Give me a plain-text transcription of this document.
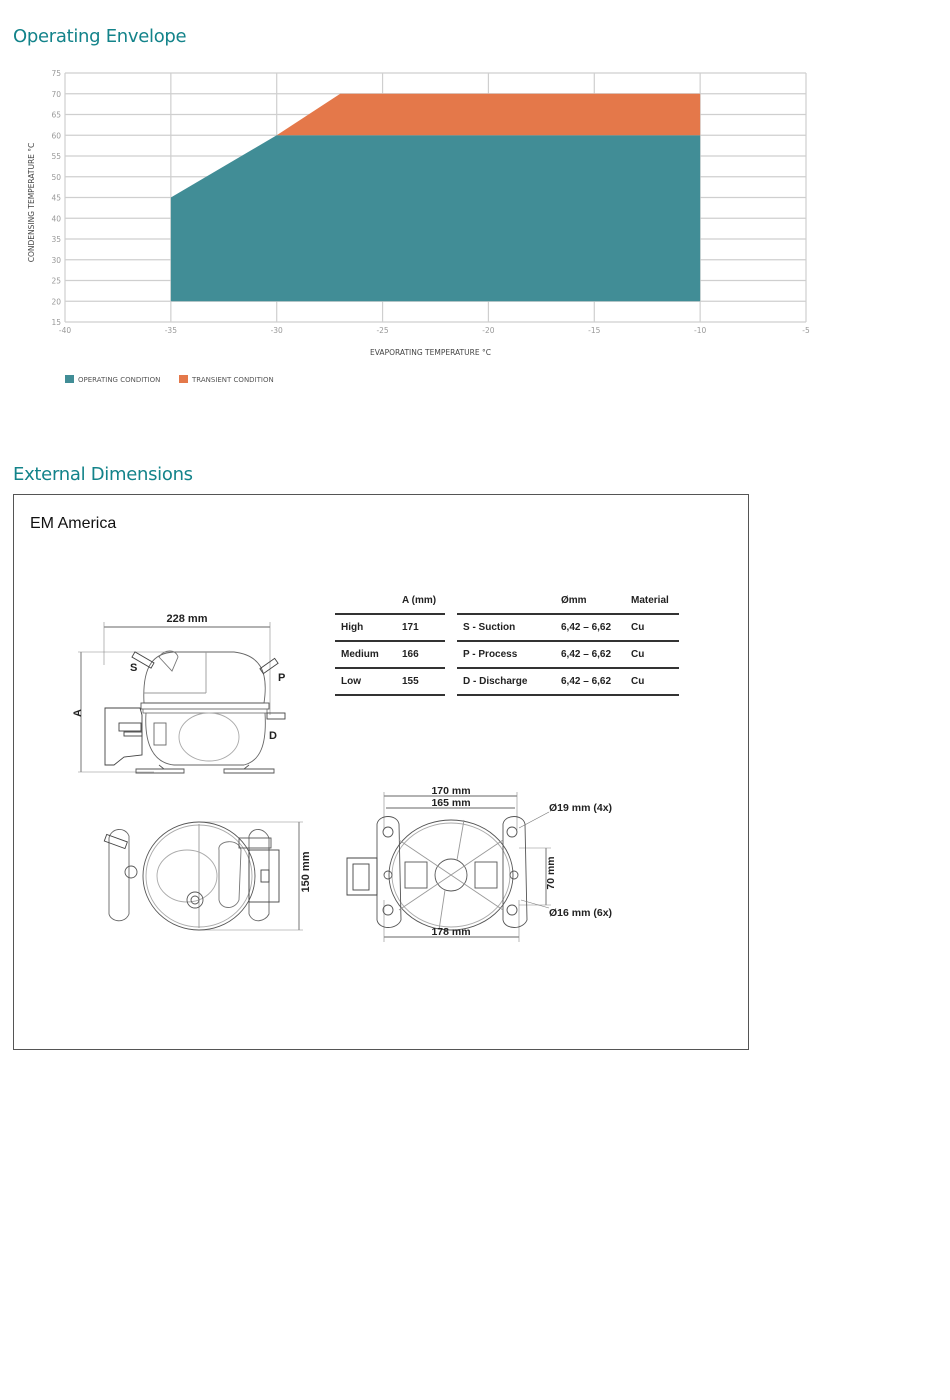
Operating Envelope
15
20
25
30
35
40
45
50
55
60
65
70
75
-40	-35	-30	-25	-20	-15	-10	-5
EVAPORATING TEMPERATURE °C
CONDENSING TEMPERATURE °C
OPERATING CONDITION	TRANSIENT CONDITION
External Dimensions
EM America
	A (mm)
High	171
Medium	166
Low	155
	Ømm	Material
S - Suction	6,42 – 6,62	Cu
P - Process	6,42 – 6,62	Cu
D - Discharge	6,42 – 6,62	Cu
228 mm
A
S
P
D
150 mm
170 mm
165 mm
178 mm
70 mm
Ø19 mm (4x)
Ø16 mm (6x)
